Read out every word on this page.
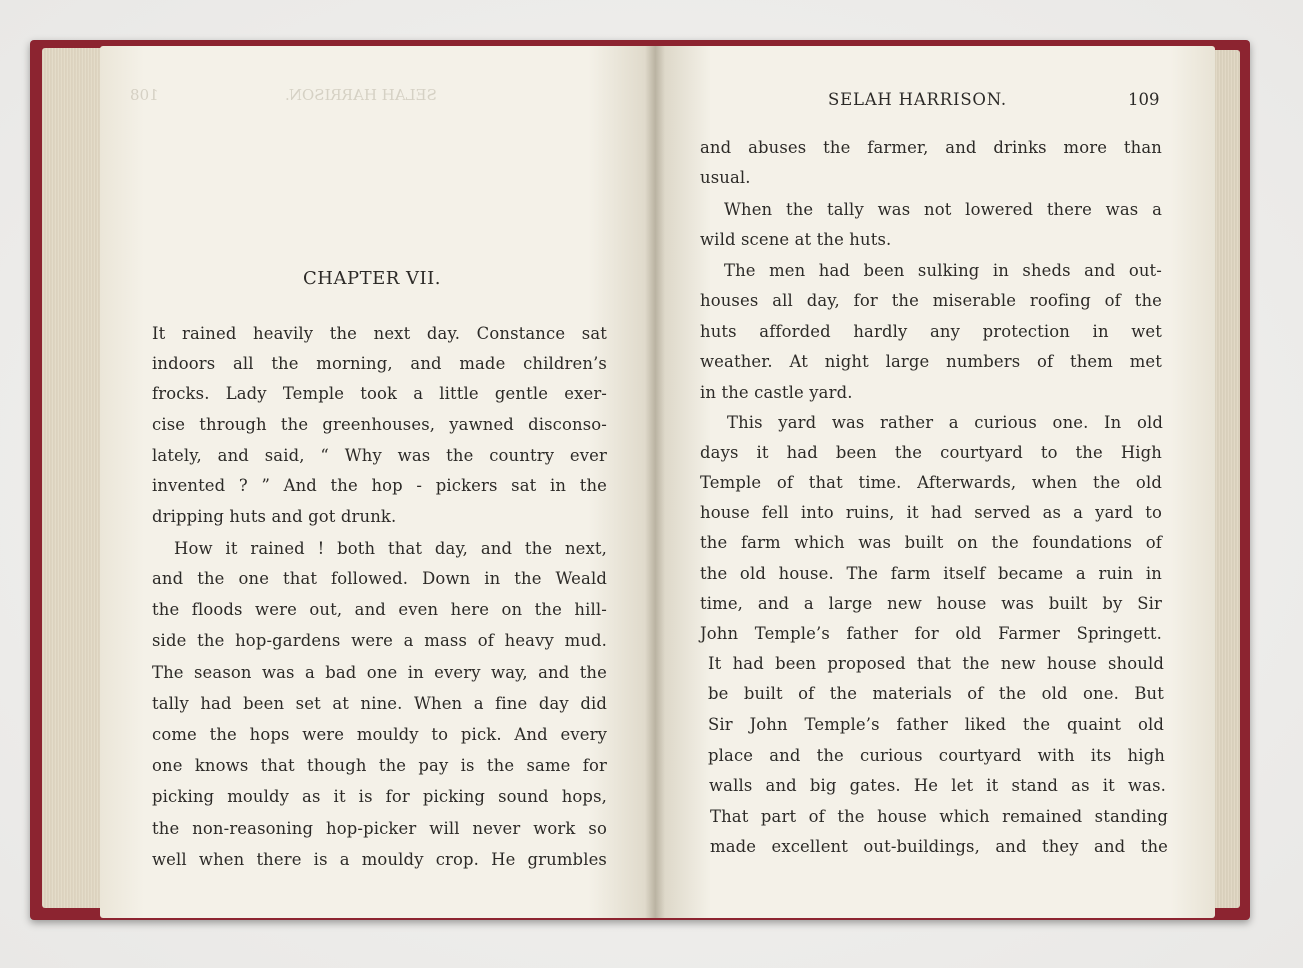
SELAH HARRISON.
108
CHAPTER VII.
It rained heavily the next day. Constance sat
indoors all the morning, and made children’s
frocks. Lady Temple took a little gentle exer-
cise through the greenhouses, yawned disconso-
lately, and said, “ Why was the country ever
invented ? ” And the hop - pickers sat in the
dripping huts and got drunk.
How it rained ! both that day, and the next,
and the one that followed. Down in the Weald
the floods were out, and even here on the hill-
side the hop-gardens were a mass of heavy mud.
The season was a bad one in every way, and the
tally had been set at nine. When a fine day did
come the hops were mouldy to pick. And every
one knows that though the pay is the same for
picking mouldy as it is for picking sound hops,
the non-reasoning hop-picker will never work so
well when there is a mouldy crop. He grumbles
SELAH HARRISON.	109
and abuses the farmer, and drinks more than
usual.
When the tally was not lowered there was a
wild scene at the huts.
The men had been sulking in sheds and out-
houses all day, for the miserable roofing of the
huts afforded hardly any protection in wet
weather. At night large numbers of them met
in the castle yard.
This yard was rather a curious one. In old
days it had been the courtyard to the High
Temple of that time. Afterwards, when the old
house fell into ruins, it had served as a yard to
the farm which was built on the foundations of
the old house. The farm itself became a ruin in
time, and a large new house was built by Sir
John Temple’s father for old Farmer Springett.
It had been proposed that the new house should
be built of the materials of the old one. But
Sir John Temple’s father liked the quaint old
place and the curious courtyard with its high
walls and big gates. He let it stand as it was.
That part of the house which remained standing
made excellent out-buildings, and they and the
